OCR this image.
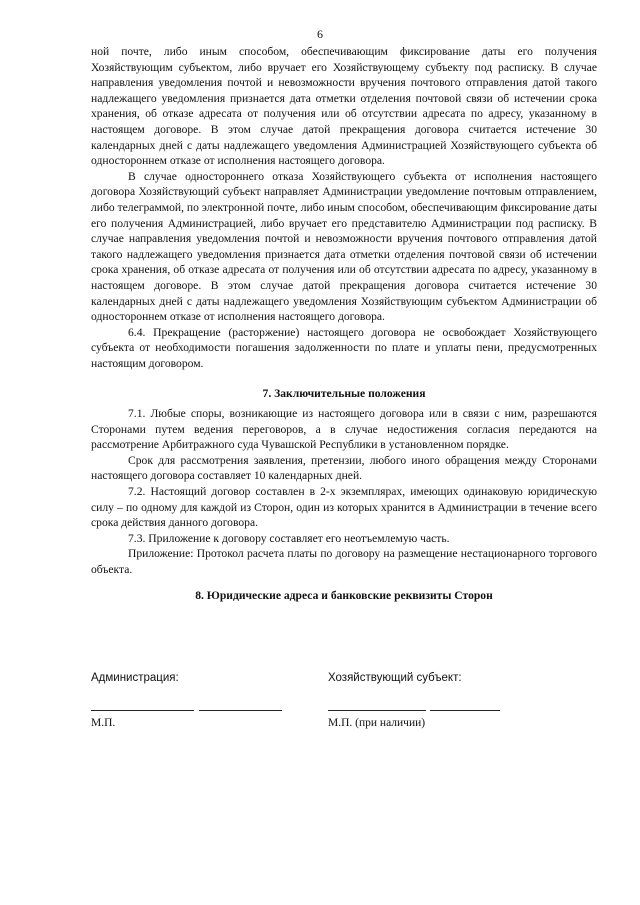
6

ной почте, либо иным способом, обеспечивающим фиксирование даты его получения Хозяйствующим субъектом, либо вручает его Хозяйствующему субъекту под расписку. В случае направления уведомления почтой и невозможности вручения почтового отправления датой такого надлежащего уведомления признается дата отметки отделения почтовой связи об истечении срока хранения, об отказе адресата от получения или об отсутствии адресата по адресу, указанному в настоящем договоре. В этом случае датой прекращения договора считается истечение 30 календарных дней с даты надлежащего уведомления Администрацией Хозяйствующего субъекта об одностороннем отказе от исполнения настоящего договора.

В случае одностороннего отказа Хозяйствующего субъекта от исполнения настоящего договора Хозяйствующий субъект направляет Администрации уведомление почтовым отправлением, либо телеграммой, по электронной почте, либо иным способом, обеспечивающим фиксирование даты его получения Администрацией, либо вручает его представителю Администрации под расписку. В случае направления уведомления почтой и невозможности вручения почтового отправления датой такого надлежащего уведомления признается дата отметки отделения почтовой связи об истечении срока хранения, об отказе адресата от получения или об отсутствии адресата по адресу, указанному в настоящем договоре. В этом случае датой прекращения договора считается истечение 30 календарных дней с даты надлежащего уведомления Хозяйствующим субъектом Администрации об одностороннем отказе от исполнения настоящего договора.

6.4. Прекращение (расторжение) настоящего договора не освобождает Хозяйствующего субъекта от необходимости погашения задолженности по плате и уплаты пени, предусмотренных настоящим договором.

7. Заключительные положения

7.1. Любые споры, возникающие из настоящего договора или в связи с ним, разрешаются Сторонами путем ведения переговоров, а в случае недостижения согласия передаются на рассмотрение Арбитражного суда Чувашской Республики в установленном порядке.

Срок для рассмотрения заявления, претензии, любого иного обращения между Сторонами настоящего договора составляет 10 календарных дней.

7.2. Настоящий договор составлен в 2-х экземплярах, имеющих одинаковую юридическую силу – по одному для каждой из Сторон, один из которых хранится в Администрации в течение всего срока действия данного договора.

7.3. Приложение к договору составляет его неотъемлемую часть.

Приложение: Протокол расчета платы по договору на размещение нестационарного торгового объекта.

8. Юридические адреса и банковские реквизиты Сторон

Администрация:	Хозяйствующий субъект:
М.П.	М.П. (при наличии)
